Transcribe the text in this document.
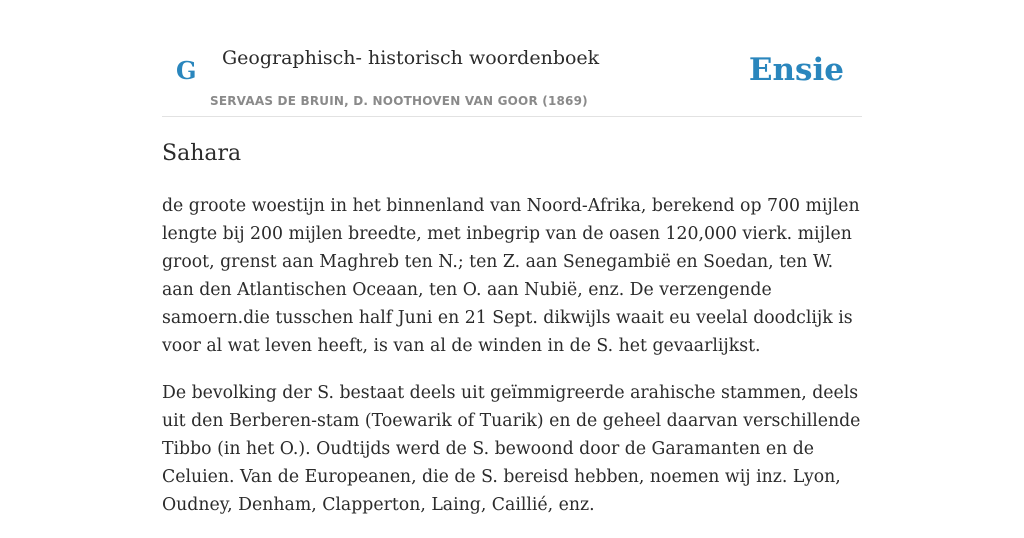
G Geographisch- historisch woordenboek
SERVAAS DE BRUIN, D. NOOTHOVEN VAN GOOR (1869)
Ensie
Sahara

de groote woestijn in het binnenland van Noord-Afrika, berekend op 700 mijlen lengte bij 200 mijlen breedte, met inbegrip van de oasen 120,000 vierk. mijlen groot, grenst aan Maghreb ten N.; ten Z. aan Senegambië en Soedan, ten W. aan den Atlantischen Oceaan, ten O. aan Nubië, enz. De verzengende samoern.die tusschen half Juni en 21 Sept. dikwijls waait eu veelal doodclijk is voor al wat leven heeft, is van al de winden in de S. het gevaarlijkst.

De bevolking der S. bestaat deels uit geïmmigreerde arahische stammen, deels uit den Berberen-stam (Toewarik of Tuarik) en de geheel daarvan verschillende Tibbo (in het O.). Oudtijds werd de S. bewoond door de Garamanten en de Celuien. Van de Europeanen, die de S. bereisd hebben, noemen wij inz. Lyon, Oudney, Denham, Clapperton, Laing, Caillié, enz.
